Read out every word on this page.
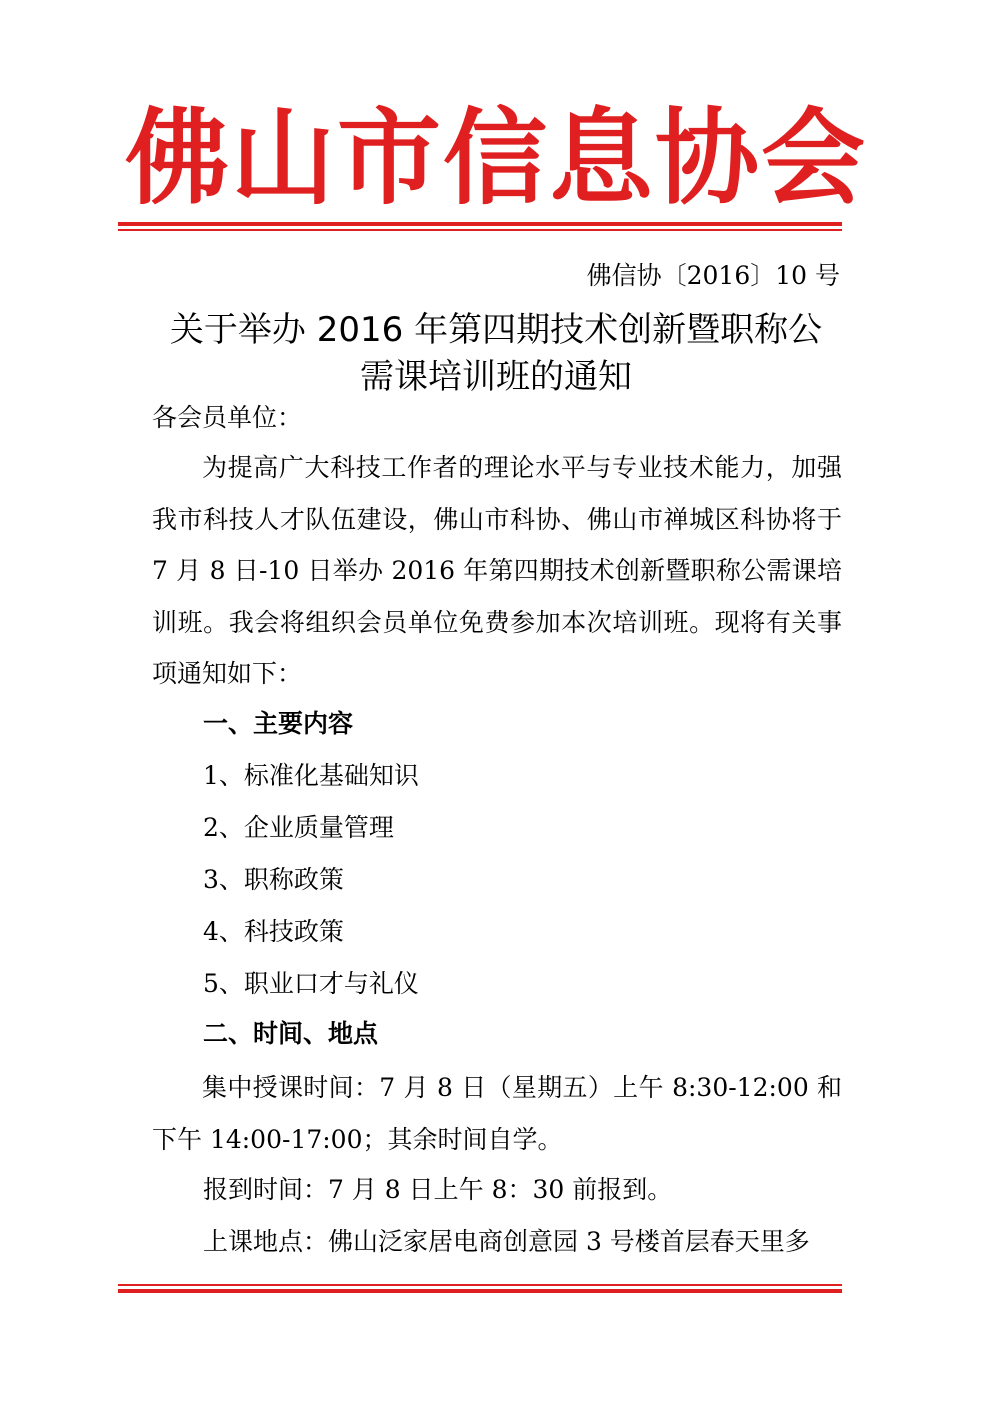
佛山市信息协会
佛信协〔2016〕10 号
关于举办 2016 年第四期技术创新暨职称公
需课培训班的通知
各会员单位：
为提高广大科技工作者的理论水平与专业技术能力，加强我市科技人才队伍建设，佛山市科协、佛山市禅城区科协将于 7 月 8 日-10 日举办 2016 年第四期技术创新暨职称公需课培训班。我会将组织会员单位免费参加本次培训班。现将有关事项通知如下：
一、主要内容
1、标准化基础知识
2、企业质量管理
3、职称政策
4、科技政策
5、职业口才与礼仪
二、时间、地点
集中授课时间：7 月 8 日（星期五）上午 8:30-12:00 和下午 14:00-17:00；其余时间自学。
报到时间：7 月 8 日上午 8：30 前报到。
上课地点：佛山泛家居电商创意园 3 号楼首层春天里多
